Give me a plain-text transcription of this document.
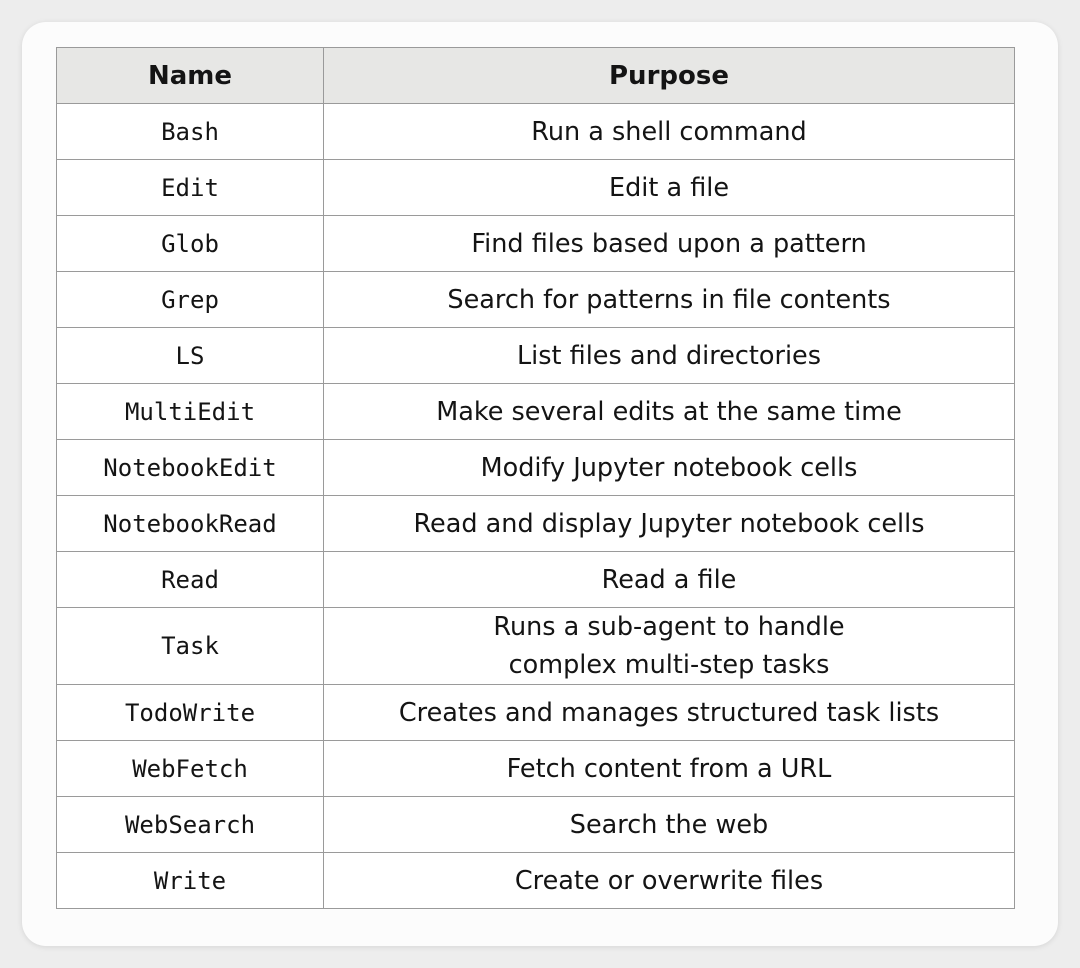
Name	Purpose
Bash	Run a shell command
Edit	Edit a file
Glob	Find files based upon a pattern
Grep	Search for patterns in file contents
LS	List files and directories
MultiEdit	Make several edits at the same time
NotebookEdit	Modify Jupyter notebook cells
NotebookRead	Read and display Jupyter notebook cells
Read	Read a file
Task	Runs a sub-agent to handle complex multi-step tasks
TodoWrite	Creates and manages structured task lists
WebFetch	Fetch content from a URL
WebSearch	Search the web
Write	Create or overwrite files
